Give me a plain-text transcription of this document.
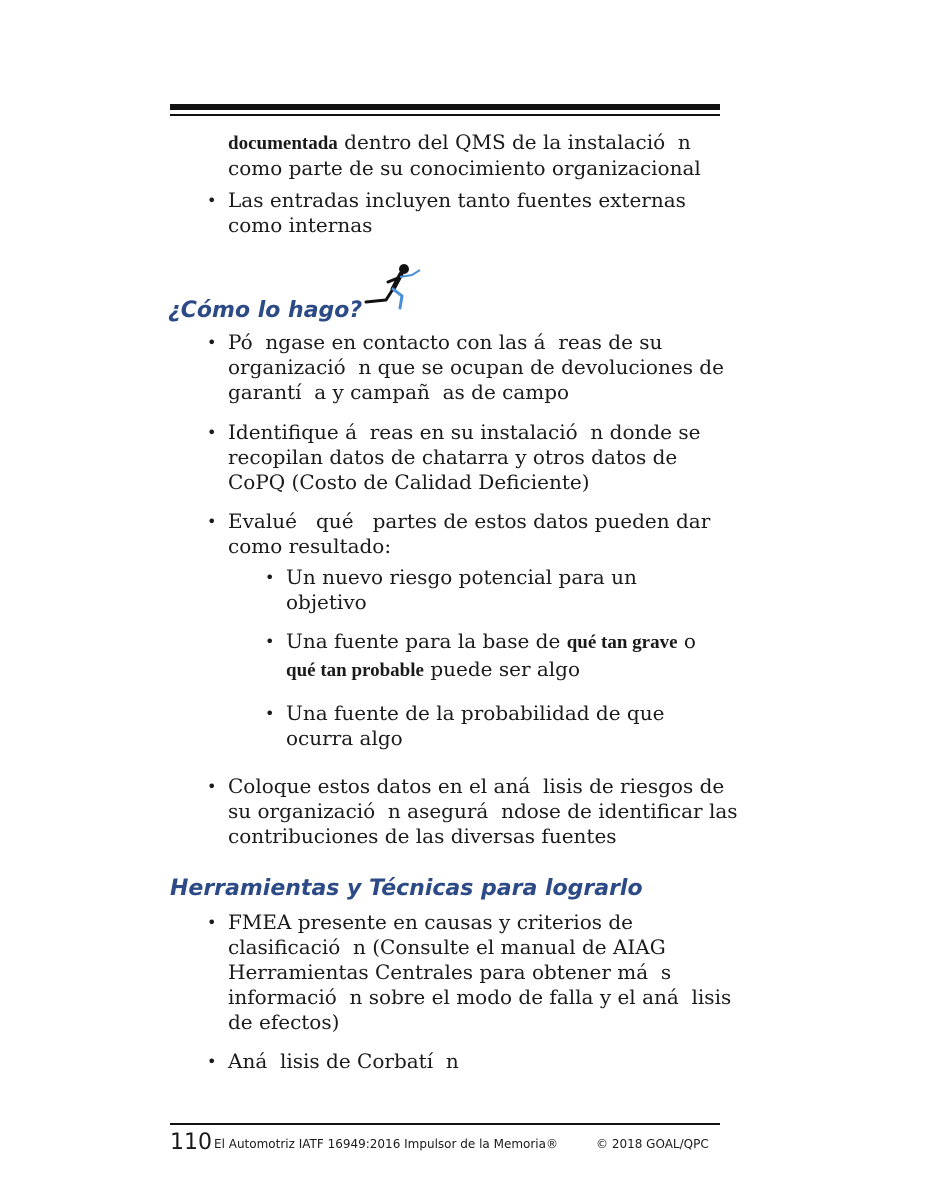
documentada dentro del QMS de la instalació  n
como parte de su conocimiento organizacional
• Las entradas incluyen tanto fuentes externas
como internas
¿Cómo lo hago?
• Pó  ngase en contacto con las á  reas de su
organizació  n que se ocupan de devoluciones de
garantí  a y campañ  as de campo
• Identifique á  reas en su instalació  n donde se
recopilan datos de chatarra y otros datos de
CoPQ (Costo de Calidad Deficiente)
• Evalué   qué   partes de estos datos pueden dar
como resultado:
• Un nuevo riesgo potencial para un
objetivo
• Una fuente para la base de qué tan grave o
qué tan probable puede ser algo
• Una fuente de la probabilidad de que
ocurra algo
• Coloque estos datos en el aná  lisis de riesgos de
su organizació  n asegurá  ndose de identificar las
contribuciones de las diversas fuentes
Herramientas y Técnicas para lograrlo
• FMEA presente en causas y criterios de
clasificació  n (Consulte el manual de AIAG
Herramientas Centrales para obtener má  s
informació  n sobre el modo de falla y el aná  lisis
de efectos)
• Aná  lisis de Corbatí  n
110 El Automotriz IATF 16949:2016 Impulsor de la Memoria®	© 2018 GOAL/QPC
